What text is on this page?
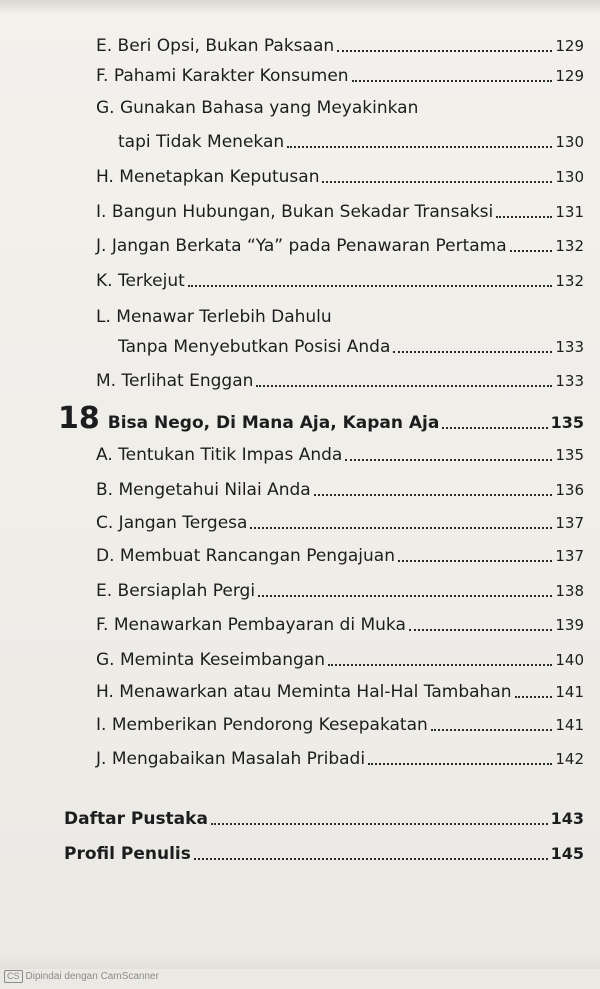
E. Beri Opsi, Bukan Paksaan	129
F. Pahami Karakter Konsumen	129
G. Gunakan Bahasa yang Meyakinkan
tapi Tidak Menekan	130
H. Menetapkan Keputusan	130
I. Bangun Hubungan, Bukan Sekadar Transaksi	131
J. Jangan Berkata “Ya” pada Penawaran Pertama	132
K. Terkejut	132
L. Menawar Terlebih Dahulu
Tanpa Menyebutkan Posisi Anda	133
M. Terlihat Enggan	133
18 Bisa Nego, Di Mana Aja, Kapan Aja	135
A. Tentukan Titik Impas Anda	135
B. Mengetahui Nilai Anda	136
C. Jangan Tergesa	137
D. Membuat Rancangan Pengajuan	137
E. Bersiaplah Pergi	138
F. Menawarkan Pembayaran di Muka	139
G. Meminta Keseimbangan	140
H. Menawarkan atau Meminta Hal-Hal Tambahan	141
I. Memberikan Pendorong Kesepakatan	141
J. Mengabaikan Masalah Pribadi	142
Daftar Pustaka	143
Profil Penulis	145
CS Dipindai dengan CamScanner
